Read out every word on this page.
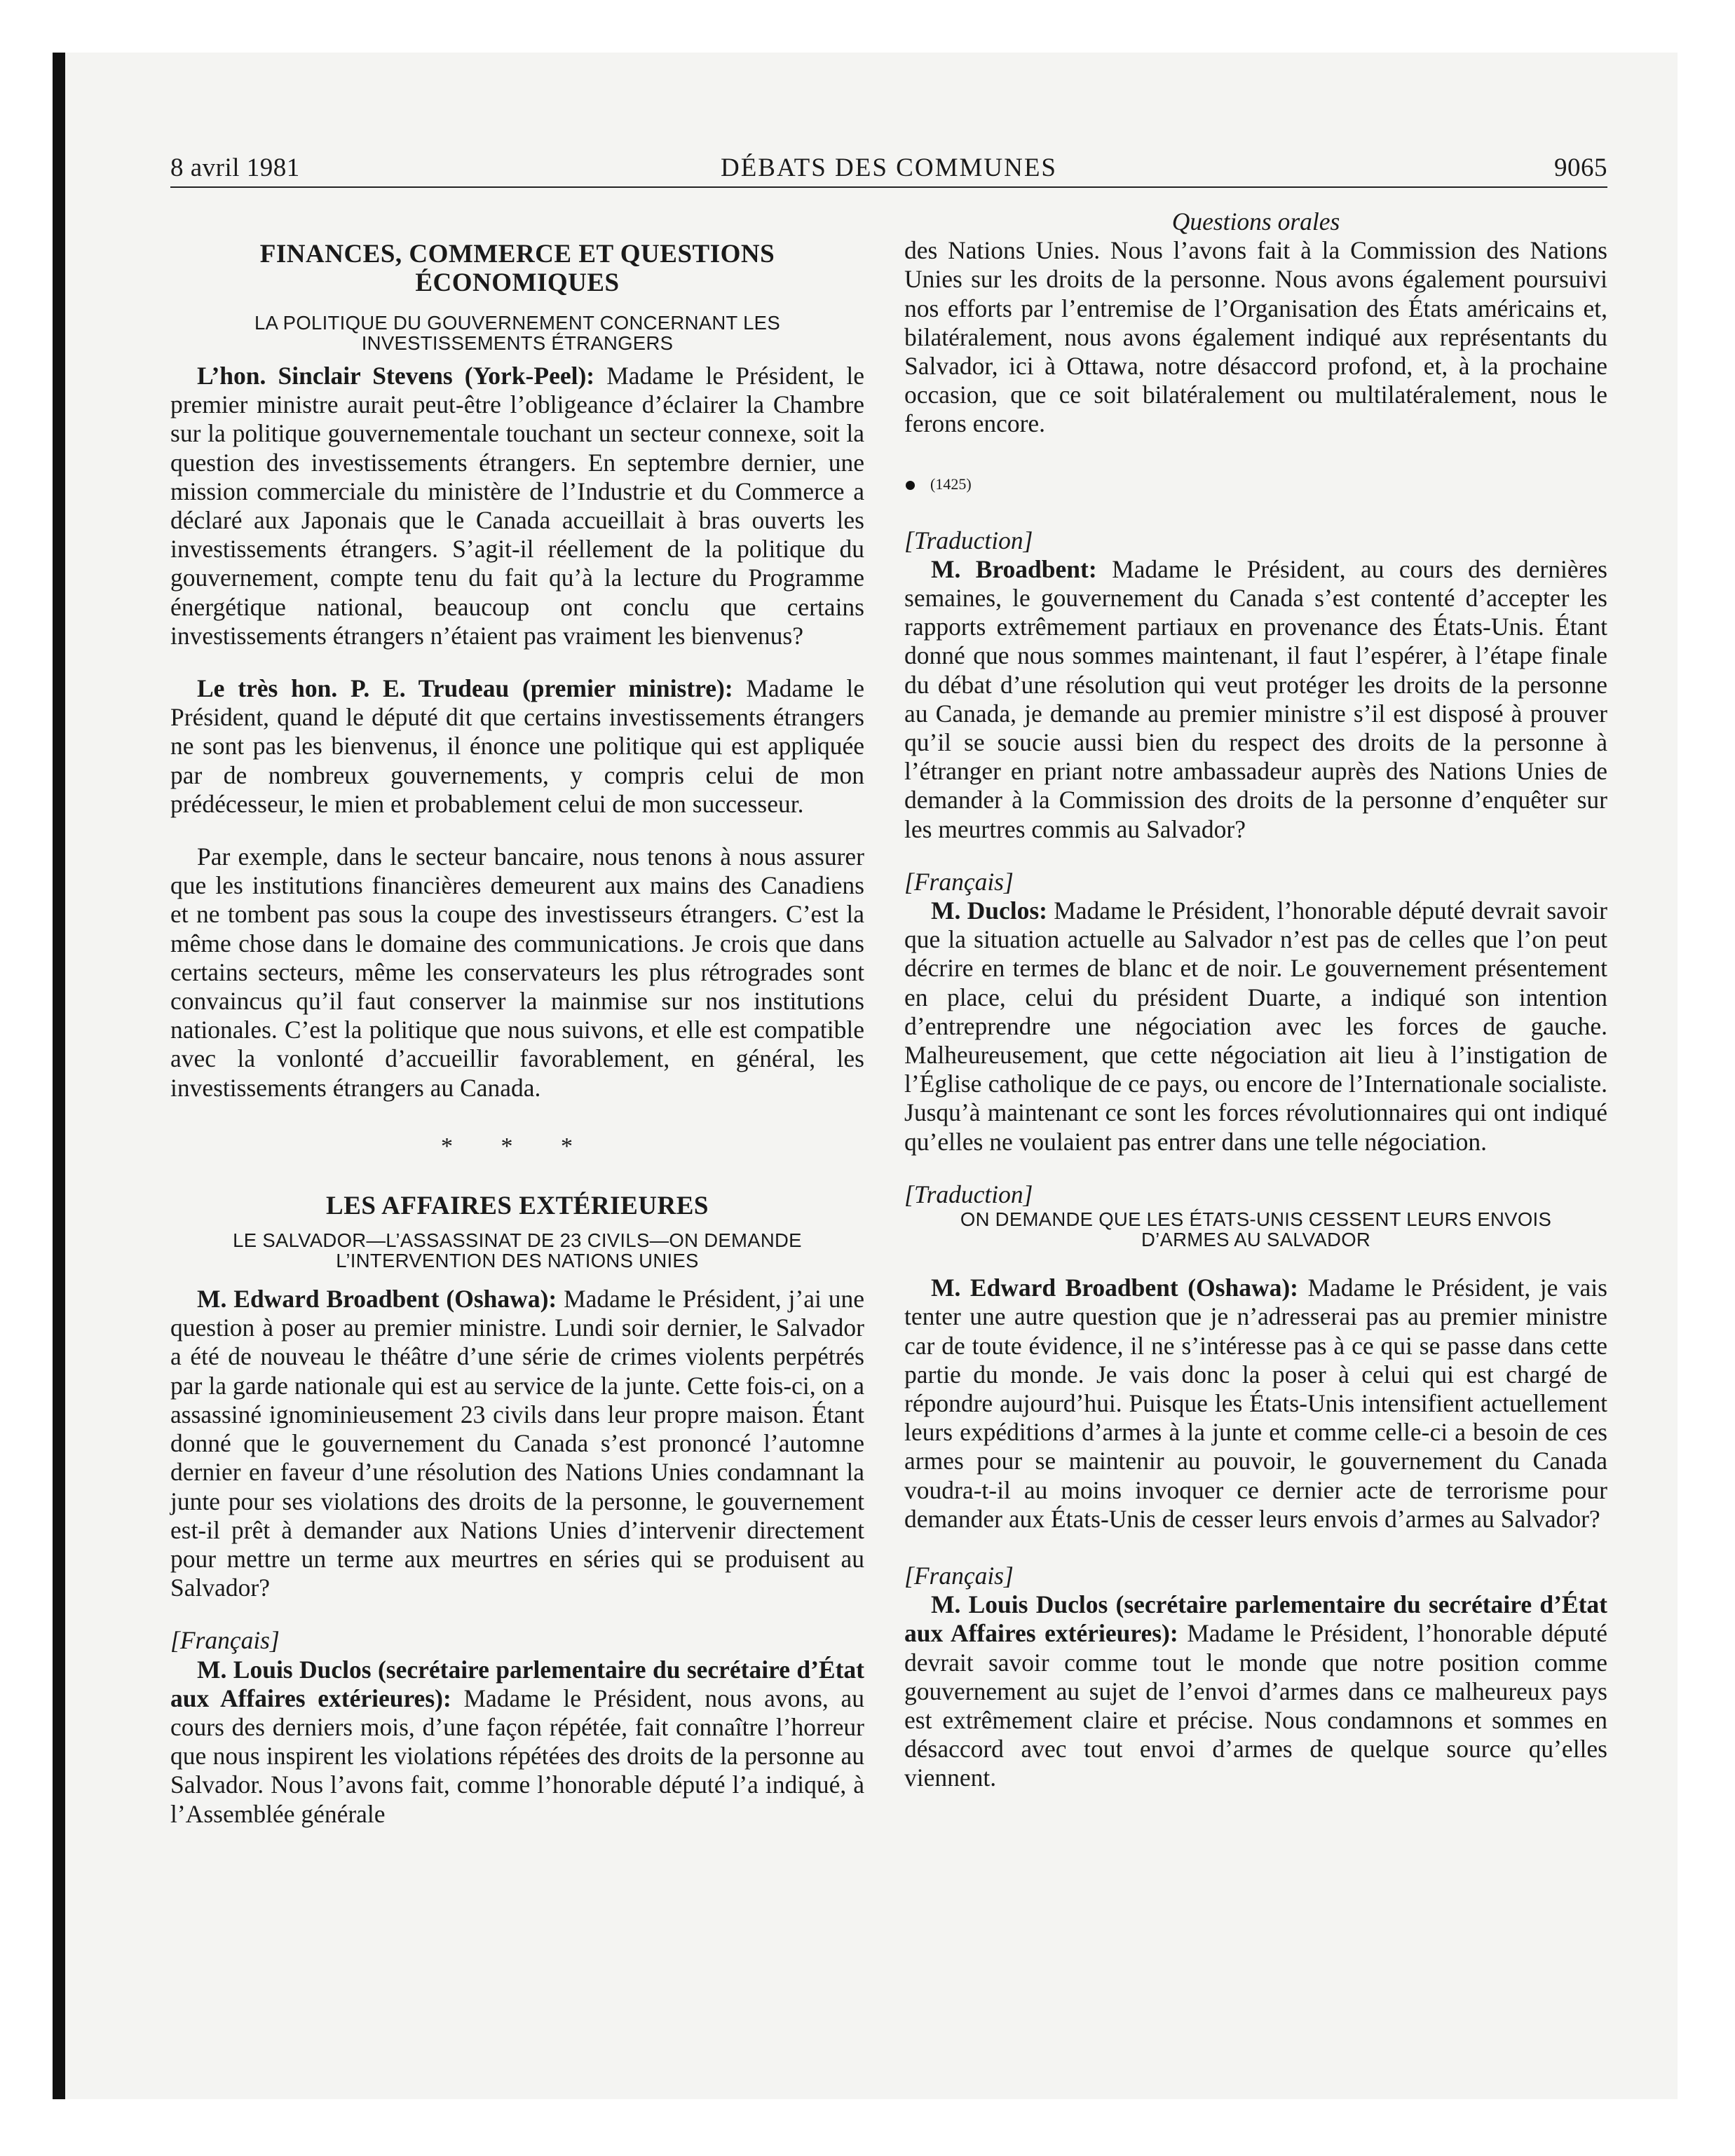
8 avril 1981	DÉBATS DES COMMUNES	9065
FINANCES, COMMERCE ET QUESTIONS
ÉCONOMIQUES
LA POLITIQUE DU GOUVERNEMENT CONCERNANT LES
INVESTISSEMENTS ÉTRANGERS

L’hon. Sinclair Stevens (York-Peel): Madame le Président, le premier ministre aurait peut-être l’obligeance d’éclairer la Chambre sur la politique gouvernementale touchant un secteur connexe, soit la question des investissements étrangers. En septembre dernier, une mission commerciale du ministère de l’Industrie et du Commerce a déclaré aux Japonais que le Canada accueillait à bras ouverts les investissements étrangers. S’agit-il réellement de la politique du gouvernement, compte tenu du fait qu’à la lecture du Programme énergétique national, beaucoup ont conclu que certains investissements étrangers n’étaient pas vraiment les bienvenus?

Le très hon. P. E. Trudeau (premier ministre): Madame le Président, quand le député dit que certains investissements étrangers ne sont pas les bienvenus, il énonce une politique qui est appliquée par de nombreux gouvernements, y compris celui de mon prédécesseur, le mien et probablement celui de mon successeur.

Par exemple, dans le secteur bancaire, nous tenons à nous assurer que les institutions financières demeurent aux mains des Canadiens et ne tombent pas sous la coupe des investisseurs étrangers. C’est la même chose dans le domaine des communications. Je crois que dans certains secteurs, même les conservateurs les plus rétrogrades sont convaincus qu’il faut conserver la mainmise sur nos institutions nationales. C’est la politique que nous suivons, et elle est compatible avec la vonlonté d’accueillir favorablement, en général, les investissements étrangers au Canada.

* * *

LES AFFAIRES EXTÉRIEURES
LE SALVADOR—L’ASSASSINAT DE 23 CIVILS—ON DEMANDE
L’INTERVENTION DES NATIONS UNIES

M. Edward Broadbent (Oshawa): Madame le Président, j’ai une question à poser au premier ministre. Lundi soir dernier, le Salvador a été de nouveau le théâtre d’une série de crimes violents perpétrés par la garde nationale qui est au service de la junte. Cette fois-ci, on a assassiné ignominieusement 23 civils dans leur propre maison. Étant donné que le gouvernement du Canada s’est prononcé l’automne dernier en faveur d’une résolution des Nations Unies condamnant la junte pour ses violations des droits de la personne, le gouvernement est-il prêt à demander aux Nations Unies d’intervenir directement pour mettre un terme aux meurtres en séries qui se produisent au Salvador?

[Français]

M. Louis Duclos (secrétaire parlementaire du secrétaire d’État aux Affaires extérieures): Madame le Président, nous avons, au cours des derniers mois, d’une façon répétée, fait connaître l’horreur que nous inspirent les violations répétées des droits de la personne au Salvador. Nous l’avons fait, comme l’honorable député l’a indiqué, à l’Assemblée générale

Questions orales

des Nations Unies. Nous l’avons fait à la Commission des Nations Unies sur les droits de la personne. Nous avons également poursuivi nos efforts par l’entremise de l’Organisation des États américains et, bilatéralement, nous avons également indiqué aux représentants du Salvador, ici à Ottawa, notre désaccord profond, et, à la prochaine occasion, que ce soit bilatéralement ou multilatéralement, nous le ferons encore.

(1425)

[Traduction]

M. Broadbent: Madame le Président, au cours des dernières semaines, le gouvernement du Canada s’est contenté d’accepter les rapports extrêmement partiaux en provenance des États-Unis. Étant donné que nous sommes maintenant, il faut l’espérer, à l’étape finale du débat d’une résolution qui veut protéger les droits de la personne au Canada, je demande au premier ministre s’il est disposé à prouver qu’il se soucie aussi bien du respect des droits de la personne à l’étranger en priant notre ambassadeur auprès des Nations Unies de demander à la Commission des droits de la personne d’enquêter sur les meurtres commis au Salvador?

[Français]

M. Duclos: Madame le Président, l’honorable député devrait savoir que la situation actuelle au Salvador n’est pas de celles que l’on peut décrire en termes de blanc et de noir. Le gouvernement présentement en place, celui du président Duarte, a indiqué son intention d’entreprendre une négociation avec les forces de gauche. Malheureusement, que cette négociation ait lieu à l’instigation de l’Église catholique de ce pays, ou encore de l’Internationale socialiste. Jusqu’à maintenant ce sont les forces révolutionnaires qui ont indiqué qu’elles ne voulaient pas entrer dans une telle négociation.

[Traduction]

ON DEMANDE QUE LES ÉTATS-UNIS CESSENT LEURS ENVOIS
D’ARMES AU SALVADOR

M. Edward Broadbent (Oshawa): Madame le Président, je vais tenter une autre question que je n’adresserai pas au premier ministre car de toute évidence, il ne s’intéresse pas à ce qui se passe dans cette partie du monde. Je vais donc la poser à celui qui est chargé de répondre aujourd’hui. Puisque les États-Unis intensifient actuellement leurs expéditions d’armes à la junte et comme celle-ci a besoin de ces armes pour se maintenir au pouvoir, le gouvernement du Canada voudra-t-il au moins invoquer ce dernier acte de terrorisme pour demander aux États-Unis de cesser leurs envois d’armes au Salvador?

[Français]

M. Louis Duclos (secrétaire parlementaire du secrétaire d’État aux Affaires extérieures): Madame le Président, l’honorable député devrait savoir comme tout le monde que notre position comme gouvernement au sujet de l’envoi d’armes dans ce malheureux pays est extrêmement claire et précise. Nous condamnons et sommes en désaccord avec tout envoi d’armes de quelque source qu’elles viennent.
